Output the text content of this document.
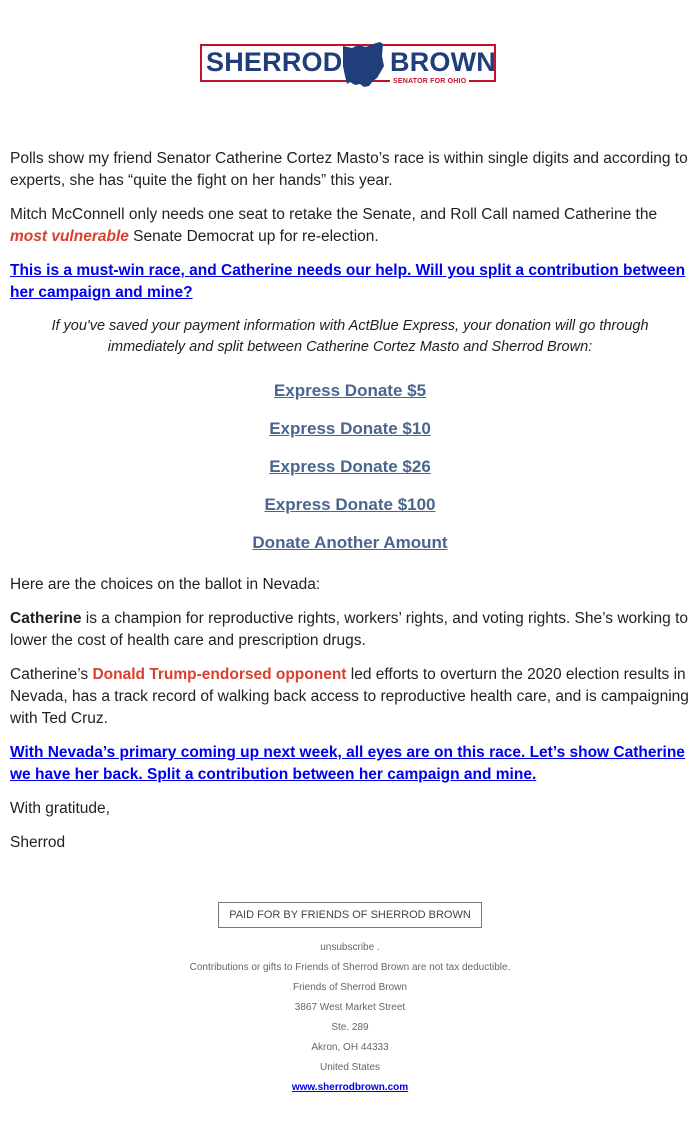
SHERROD BROWN
SENATOR FOR OHIO

Polls show my friend Senator Catherine Cortez Masto’s race is within single digits and according to experts, she has “quite the fight on her hands” this year.

Mitch McConnell only needs one seat to retake the Senate, and Roll Call named Catherine the most vulnerable Senate Democrat up for re-election.

This is a must-win race, and Catherine needs our help. Will you split a contribution between her campaign and mine?

If you've saved your payment information with ActBlue Express, your donation will go through immediately and split between Catherine Cortez Masto and Sherrod Brown:

Express Donate $5
Express Donate $10
Express Donate $26
Express Donate $100
Donate Another Amount

Here are the choices on the ballot in Nevada:

Catherine is a champion for reproductive rights, workers’ rights, and voting rights. She’s working to lower the cost of health care and prescription drugs.

Catherine’s Donald Trump-endorsed opponent led efforts to overturn the 2020 election results in Nevada, has a track record of walking back access to reproductive health care, and is campaigning with Ted Cruz.

With Nevada’s primary coming up next week, all eyes are on this race. Let’s show Catherine we have her back. Split a contribution between her campaign and mine.

With gratitude,

Sherrod

PAID FOR BY FRIENDS OF SHERROD BROWN
unsubscribe .
Contributions or gifts to Friends of Sherrod Brown are not tax deductible.
Friends of Sherrod Brown
3867 West Market Street
Ste. 289
Akron, OH 44333
United States
www.sherrodbrown.com
